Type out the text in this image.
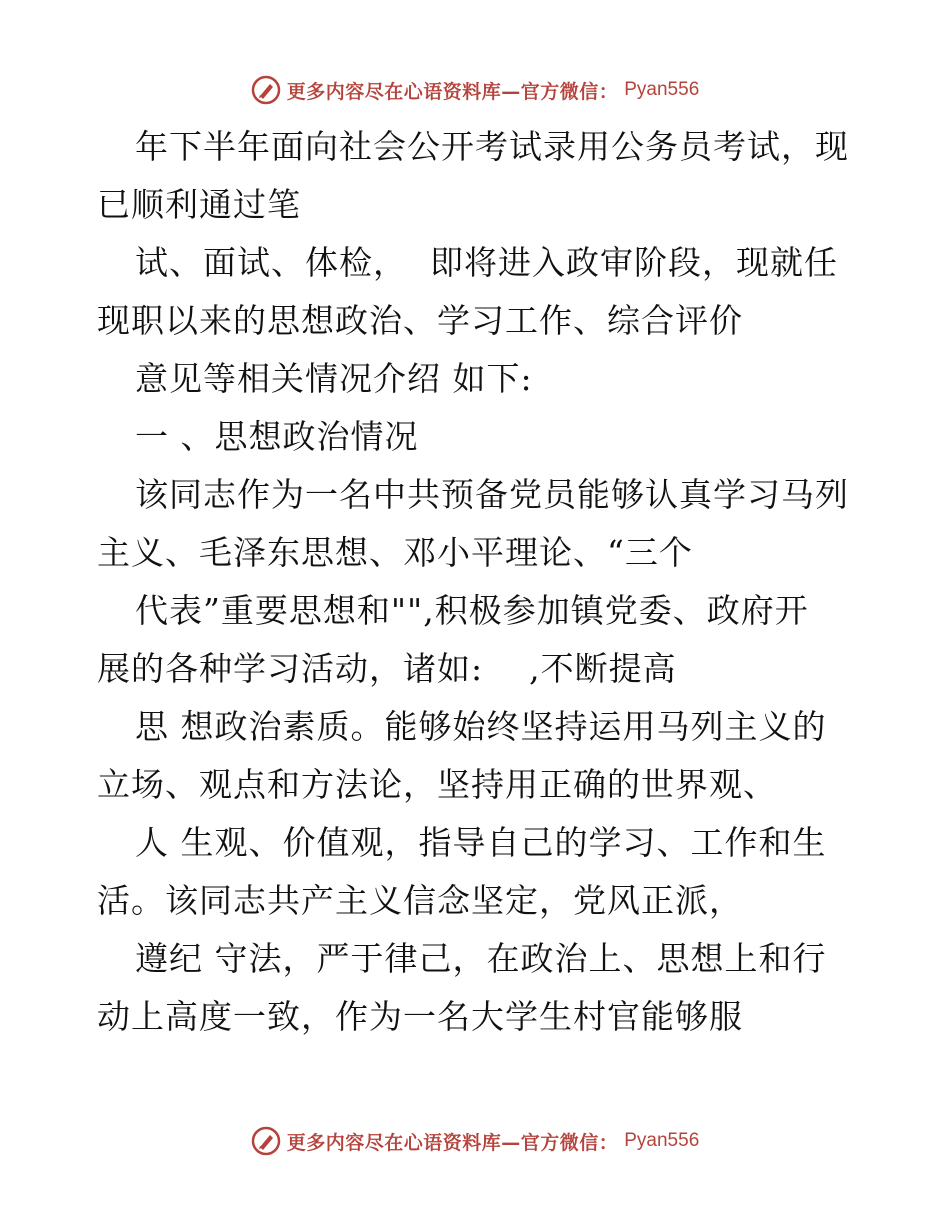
更多内容尽在心语资料库—官方微信： Pyan556
年下半年面向社会公开考试录用公务员考试，现
已顺利通过笔
试、面试、体检，  即将进入政审阶段，现就任
现职以来的思想政治、学习工作、综合评价
意见等相关情况介绍 如下:
一 、思想政治情况
该同志作为一名中共预备党员能够认真学习马列
主义、毛泽东思想、邓小平理论、“三个
代表”重要思想和"",积极参加镇党委、政府开
展的各种学习活动，诸如:    ,不断提高
思 想政治素质。能够始终坚持运用马列主义的
立场、观点和方法论，坚持用正确的世界观、
人 生观、价值观，指导自己的学习、工作和生
活。该同志共产主义信念坚定，党风正派，
遵纪 守法，严于律己，在政治上、思想上和行
动上高度一致，作为一名大学生村官能够服
更多内容尽在心语资料库—官方微信： Pyan556
